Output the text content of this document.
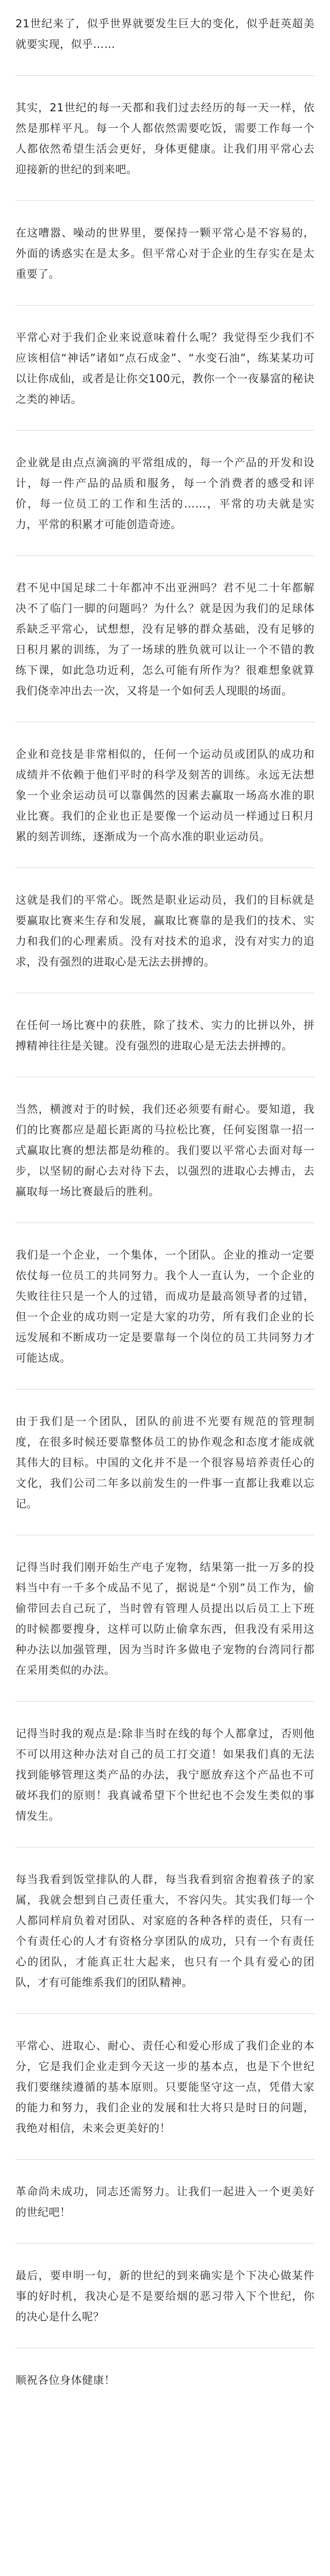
21世纪来了，似乎世界就要发生巨大的变化，似乎赶英超美就要实现，似乎……

其实，21世纪的每一天都和我们过去经历的每一天一样，依然是那样平凡。每一个人都依然需要吃饭，需要工作每一个人都依然希望生活会更好，身体更健康。让我们用平常心去迎接新的世纪的到来吧。

在这嘈嚣、噪动的世界里，要保持一颗平常心是不容易的，外面的诱惑实在是太多。但平常心对于企业的生存实在是太重要了。

平常心对于我们企业来说意味着什么呢？我觉得至少我们不应该相信“神话”诸如“点石成金”、“水变石油”，练某某功可以让你成仙，或者是让你交100元，教你一个一夜暴富的秘诀之类的神话。

企业就是由点点滴滴的平常组成的，每一个产品的开发和设计，每一件产品的品质和服务，每一个消费者的感受和评价，每一位员工的工作和生活的……，平常的功夫就是实力，平常的积累才可能创造奇迹。

君不见中国足球二十年都冲不出亚洲吗？君不见二十年都解决不了临门一脚的问题吗？为什么？就是因为我们的足球体系缺乏平常心，试想想，没有足够的群众基础，没有足够的日积月累的训练，为了一场球的胜负就可以让一个不错的教练下课，如此急功近利，怎么可能有所作为？很难想象就算我们侥幸冲出去一次，又将是一个如何丢人现眼的场面。

企业和竞技是非常相似的，任何一个运动员或团队的成功和成绩并不依赖于他们平时的科学及刻苦的训练。永远无法想象一个业余运动员可以靠偶然的因素去赢取一场高水准的职业比赛。我们的企业也正是要像一个运动员一样通过日积月累的刻苦训练，逐渐成为一个高水准的职业运动员。

这就是我们的平常心。既然是职业运动员，我们的目标就是要赢取比赛来生存和发展，赢取比赛靠的是我们的技术、实力和我们的心理素质。没有对技术的追求，没有对实力的追求，没有强烈的进取心是无法去拼搏的。

在任何一场比赛中的获胜，除了技术、实力的比拼以外，拼搏精神往往是关键。没有强烈的进取心是无法去拼搏的。

当然，横渡对于的时候，我们还必须要有耐心。要知道，我们的比赛都应是超长距离的马拉松比赛，任何妄图靠一招一式赢取比赛的想法都是幼稚的。我们要以平常心去面对每一步，以坚韧的耐心去对待下去，以强烈的进取心去搏击，去赢取每一场比赛最后的胜利。

我们是一个企业，一个集体，一个团队。企业的推动一定要依仗每一位员工的共同努力。我个人一直认为，一个企业的失败往往只是一个人的过错，而成功是最高领导者的过错，但一个企业的成功则一定是大家的功劳，所有我们企业的长远发展和不断成功一定是要靠每一个岗位的员工共同努力才可能达成。

由于我们是一个团队，团队的前进不光要有规范的管理制度，在很多时候还要靠整体员工的协作观念和态度才能成就其伟大的目标。中国的文化并不是一个很容易培养责任心的文化，我们公司二年多以前发生的一件事一直都让我难以忘记。

记得当时我们刚开始生产电子宠物，结果第一批一万多的投料当中有一千多个成品不见了，据说是“个别”员工作为，偷偷带回去自己玩了，当时曾有管理人员提出以后员工上下班的时候都要搜身，这样可以防止偷拿东西，但我没有采用这种办法以加强管理，因为当时许多做电子宠物的台湾同行都在采用类似的办法。

记得当时我的观点是:除非当时在线的每个人都拿过，否则他不可以用这种办法对自己的员工打交道！如果我们真的无法找到能够管理这类产品的办法，我宁愿放弃这个产品也不可破坏我们的原则！我真诚希望下个世纪也不会发生类似的事情发生。

每当我看到饭堂排队的人群，每当我看到宿舍抱着孩子的家属，我就会想到自己责任重大，不容闪失。其实我们每一个人都同样肩负着对团队、对家庭的各种各样的责任，只有一个有责任心的人才有资格分享团队的成功，只有一个有责任心的团队，才能真正壮大起来，也只有一个具有爱心的团队，才有可能维系我们的团队精神。

平常心、进取心、耐心、责任心和爱心形成了我们企业的本分，它是我们企业走到今天这一步的基本点，也是下个世纪我们要继续遵循的基本原则。只要能坚守这一点，凭借大家的能力和努力，我们企业的发展和壮大将只是时日的问题，我绝对相信，未来会更美好的！

革命尚未成功，同志还需努力。让我们一起进入一个更美好的世纪吧！

最后，要申明一句，新的世纪的到来确实是个下决心做某件事的好时机，我决心是不是要给烟的恶习带入下个世纪，你的决心是什么呢？

顺祝各位身体健康！
